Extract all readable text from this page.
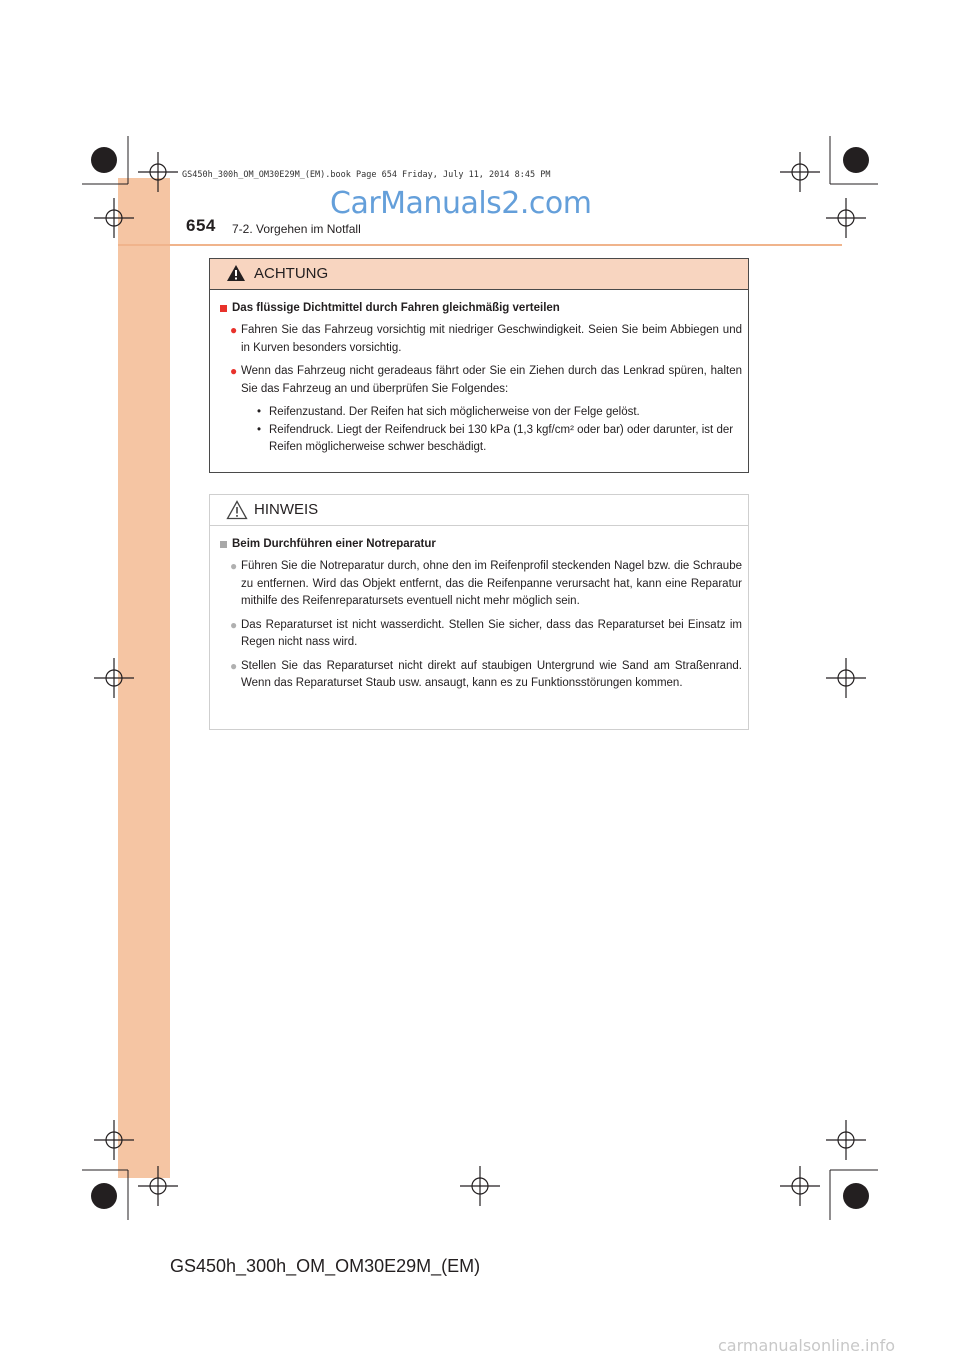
GS450h_300h_OM_OM30E29M_(EM).book Page 654 Friday, July 11, 2014 8:45 PM
CarManuals2.com
654 7-2. Vorgehen im Notfall
ACHTUNG
Das flüssige Dichtmittel durch Fahren gleichmäßig verteilen
● Fahren Sie das Fahrzeug vorsichtig mit niedriger Geschwindigkeit. Seien Sie beim Abbiegen und in Kurven besonders vorsichtig.
● Wenn das Fahrzeug nicht geradeaus fährt oder Sie ein Ziehen durch das Lenkrad spüren, halten Sie das Fahrzeug an und überprüfen Sie Folgendes:
• Reifenzustand. Der Reifen hat sich möglicherweise von der Felge gelöst.
• Reifendruck. Liegt der Reifendruck bei 130 kPa (1,3 kgf/cm² oder bar) oder darunter, ist der Reifen möglicherweise schwer beschädigt.
HINWEIS
Beim Durchführen einer Notreparatur
● Führen Sie die Notreparatur durch, ohne den im Reifenprofil steckenden Nagel bzw. die Schraube zu entfernen. Wird das Objekt entfernt, das die Reifenpanne verursacht hat, kann eine Reparatur mithilfe des Reifenreparatursets eventuell nicht mehr möglich sein.
● Das Reparaturset ist nicht wasserdicht. Stellen Sie sicher, dass das Reparaturset bei Einsatz im Regen nicht nass wird.
● Stellen Sie das Reparaturset nicht direkt auf staubigen Untergrund wie Sand am Straßenrand. Wenn das Reparaturset Staub usw. ansaugt, kann es zu Funktionsstörungen kommen.
GS450h_300h_OM_OM30E29M_(EM)
carmanualsonline.info
